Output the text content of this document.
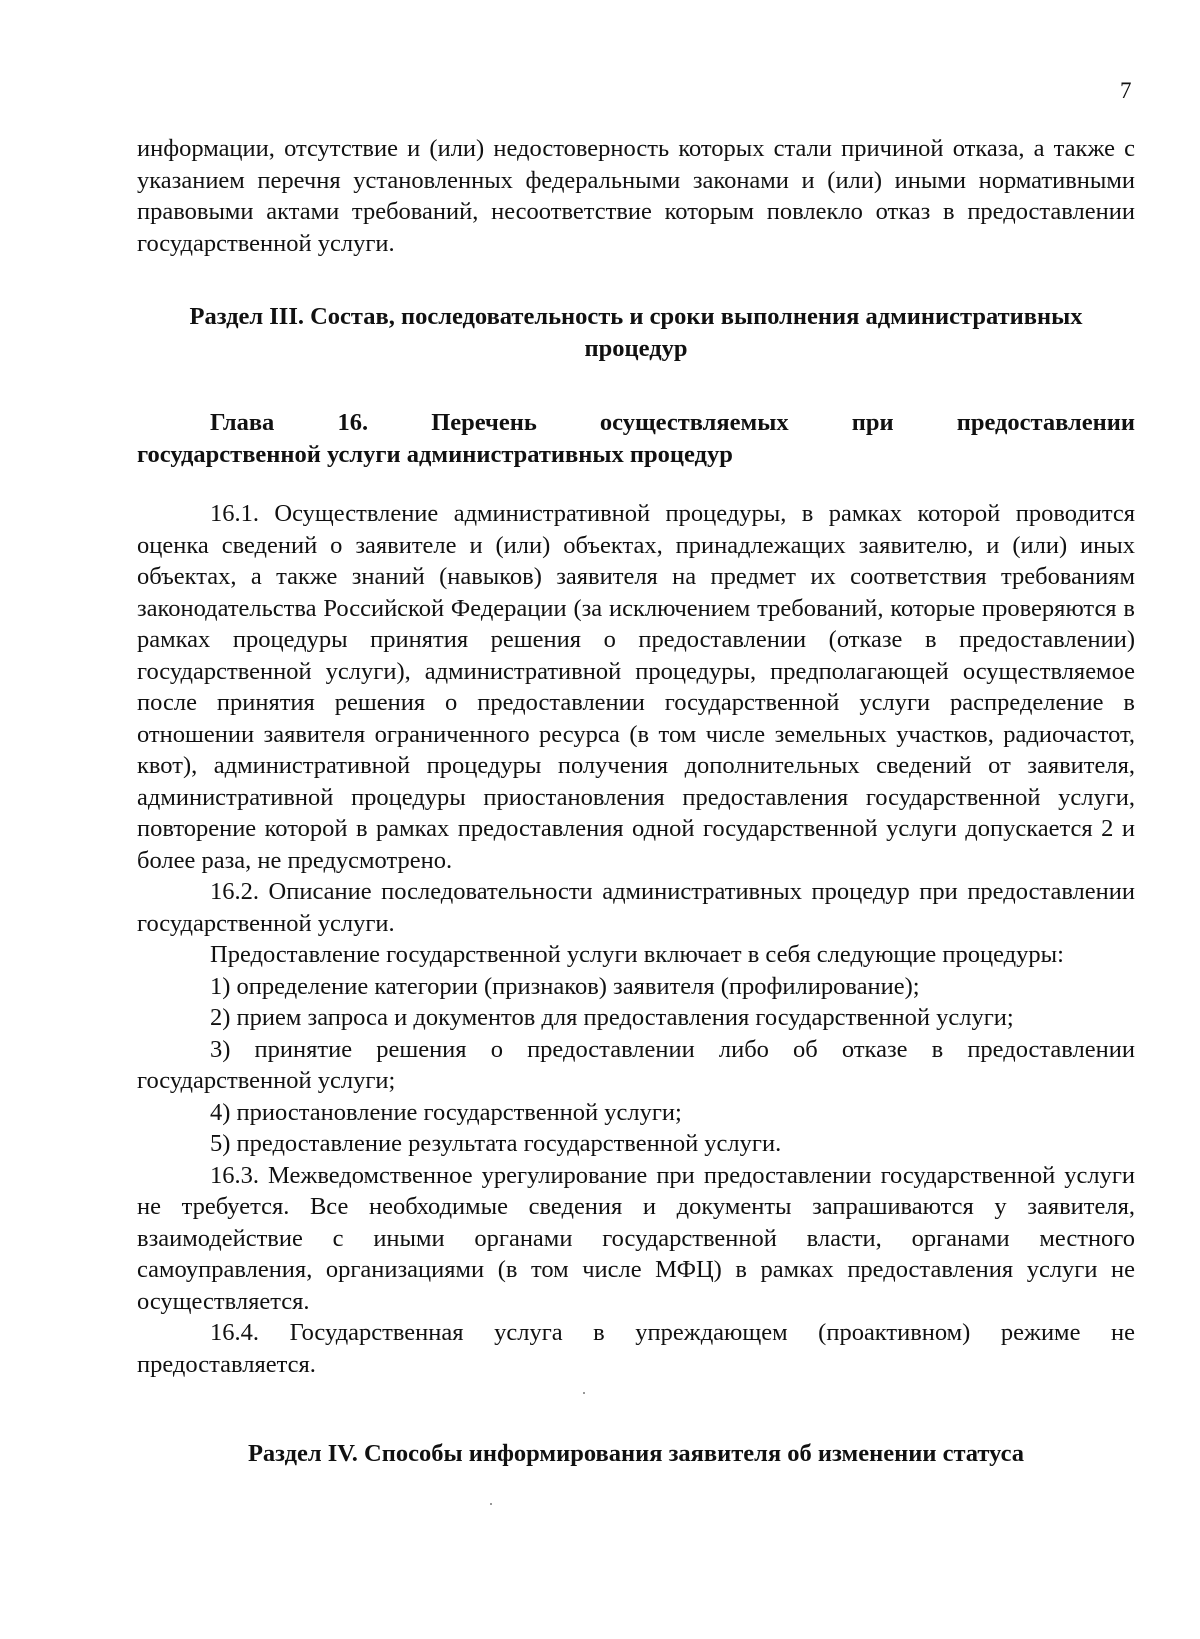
7

информации, отсутствие и (или) недостоверность которых стали причиной отказа, а также с указанием перечня установленных федеральными законами и (или) иными нормативными правовыми актами требований, несоответствие которым повлекло отказ в предоставлении государственной услуги.

Раздел III. Состав, последовательность и сроки выполнения административных процедур

Глава 16. Перечень осуществляемых при предоставлении государственной услуги административных процедур

16.1. Осуществление административной процедуры, в рамках которой проводится оценка сведений о заявителе и (или) объектах, принадлежащих заявителю, и (или) иных объектах, а также знаний (навыков) заявителя на предмет их соответствия требованиям законодательства Российской Федерации (за исключением требований, которые проверяются в рамках процедуры принятия решения о предоставлении (отказе в предоставлении) государственной услуги), административной процедуры, предполагающей осуществляемое после принятия решения о предоставлении государственной услуги распределение в отношении заявителя ограниченного ресурса (в том числе земельных участков, радиочастот, квот), административной процедуры получения дополнительных сведений от заявителя, административной процедуры приостановления предоставления государственной услуги, повторение которой в рамках предоставления одной государственной услуги допускается 2 и более раза, не предусмотрено.

16.2. Описание последовательности административных процедур при предоставлении государственной услуги.

Предоставление государственной услуги включает в себя следующие процедуры:

1) определение категории (признаков) заявителя (профилирование);

2) прием запроса и документов для предоставления государственной услуги;

3) принятие решения о предоставлении либо об отказе в предоставлении государственной услуги;

4) приостановление государственной услуги;

5) предоставление результата государственной услуги.

16.3. Межведомственное урегулирование при предоставлении государственной услуги не требуется. Все необходимые сведения и документы запрашиваются у заявителя, взаимодействие с иными органами государственной власти, органами местного самоуправления, организациями (в том числе МФЦ) в рамках предоставления услуги не осуществляется.

16.4. Государственная услуга в упреждающем (проактивном) режиме не предоставляется.

Раздел IV. Способы информирования заявителя об изменении статуса
